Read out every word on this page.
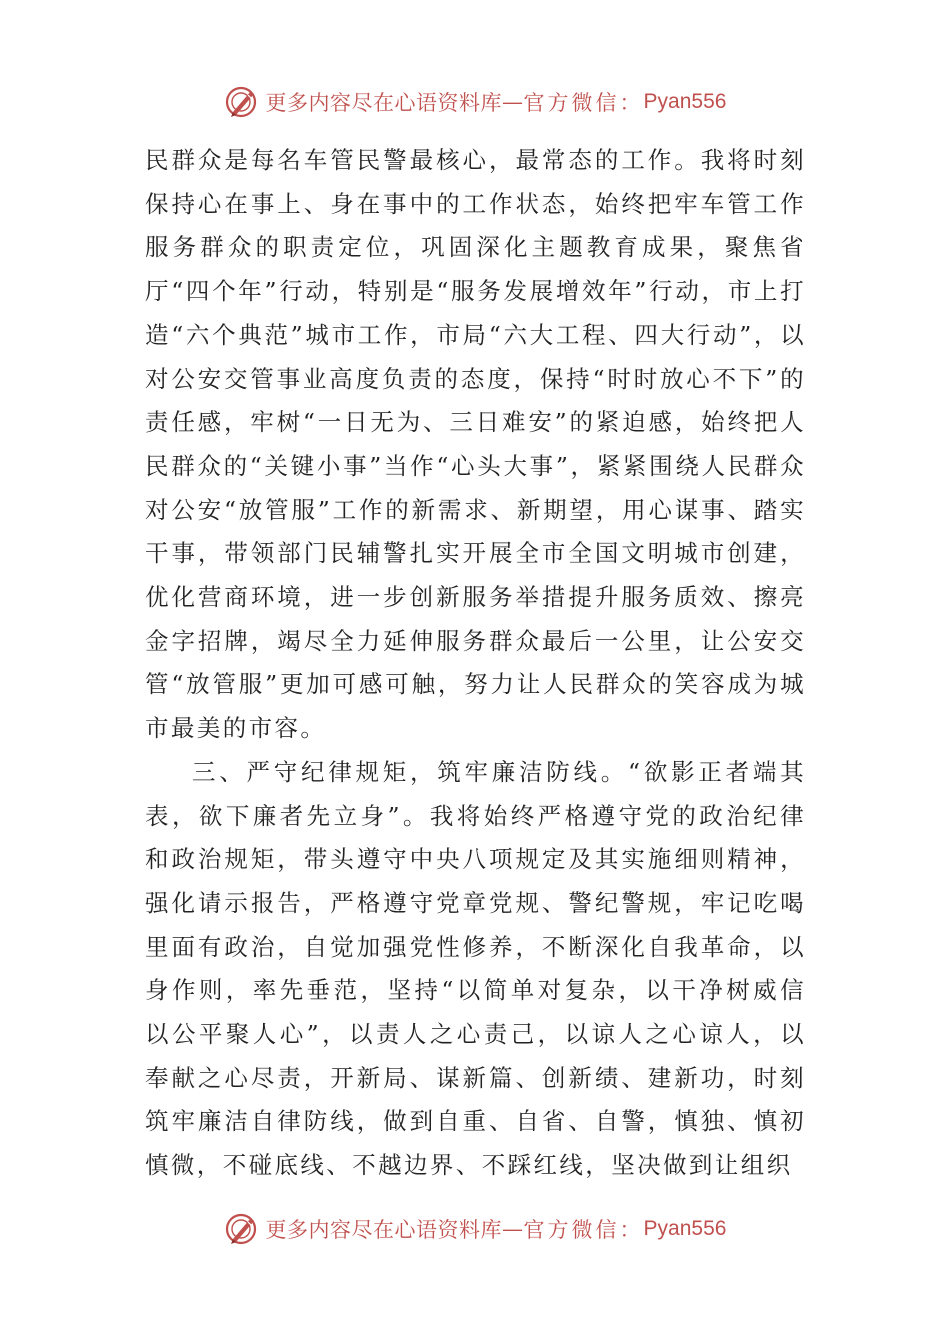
更多内容尽在心语资料库 — 官方微信： Pyan556

民群众是每名车管民警最核心，最常态的工作。我将时刻保持心在事上、身在事中的工作状态，始终把牢车管工作服务群众的职责定位，巩固深化主题教育成果，聚焦省厅“四个年”行动，特别是“服务发展增效年”行动，市上打造“六个典范”城市工作，市局“六大工程、四大行动”，以对公安交管事业高度负责的态度，保持“时时放心不下”的责任感，牢树“一日无为、三日难安”的紧迫感，始终把人民群众的“关键小事”当作“心头大事”，紧紧围绕人民群众对公安“放管服”工作的新需求、新期望，用心谋事、踏实干事，带领部门民辅警扎实开展全市全国文明城市创建，优化营商环境，进一步创新服务举措提升服务质效、擦亮金字招牌，竭尽全力延伸服务群众最后一公里，让公安交管“放管服”更加可感可触，努力让人民群众的笑容成为城市最美的市容。

三、严守纪律规矩，筑牢廉洁防线。“欲影正者端其表，欲下廉者先立身”。我将始终严格遵守党的政治纪律和政治规矩，带头遵守中央八项规定及其实施细则精神，强化请示报告，严格遵守党章党规、警纪警规，牢记吃喝里面有政治，自觉加强党性修养，不断深化自我革命，以身作则，率先垂范，坚持“以简单对复杂，以干净树威信以公平聚人心”，以责人之心责己，以谅人之心谅人，以奉献之心尽责，开新局、谋新篇、创新绩、建新功，时刻筑牢廉洁自律防线，做到自重、自省、自警，慎独、慎初慎微，不碰底线、不越边界、不踩红线，坚决做到让组织

更多内容尽在心语资料库 — 官方微信： Pyan556
